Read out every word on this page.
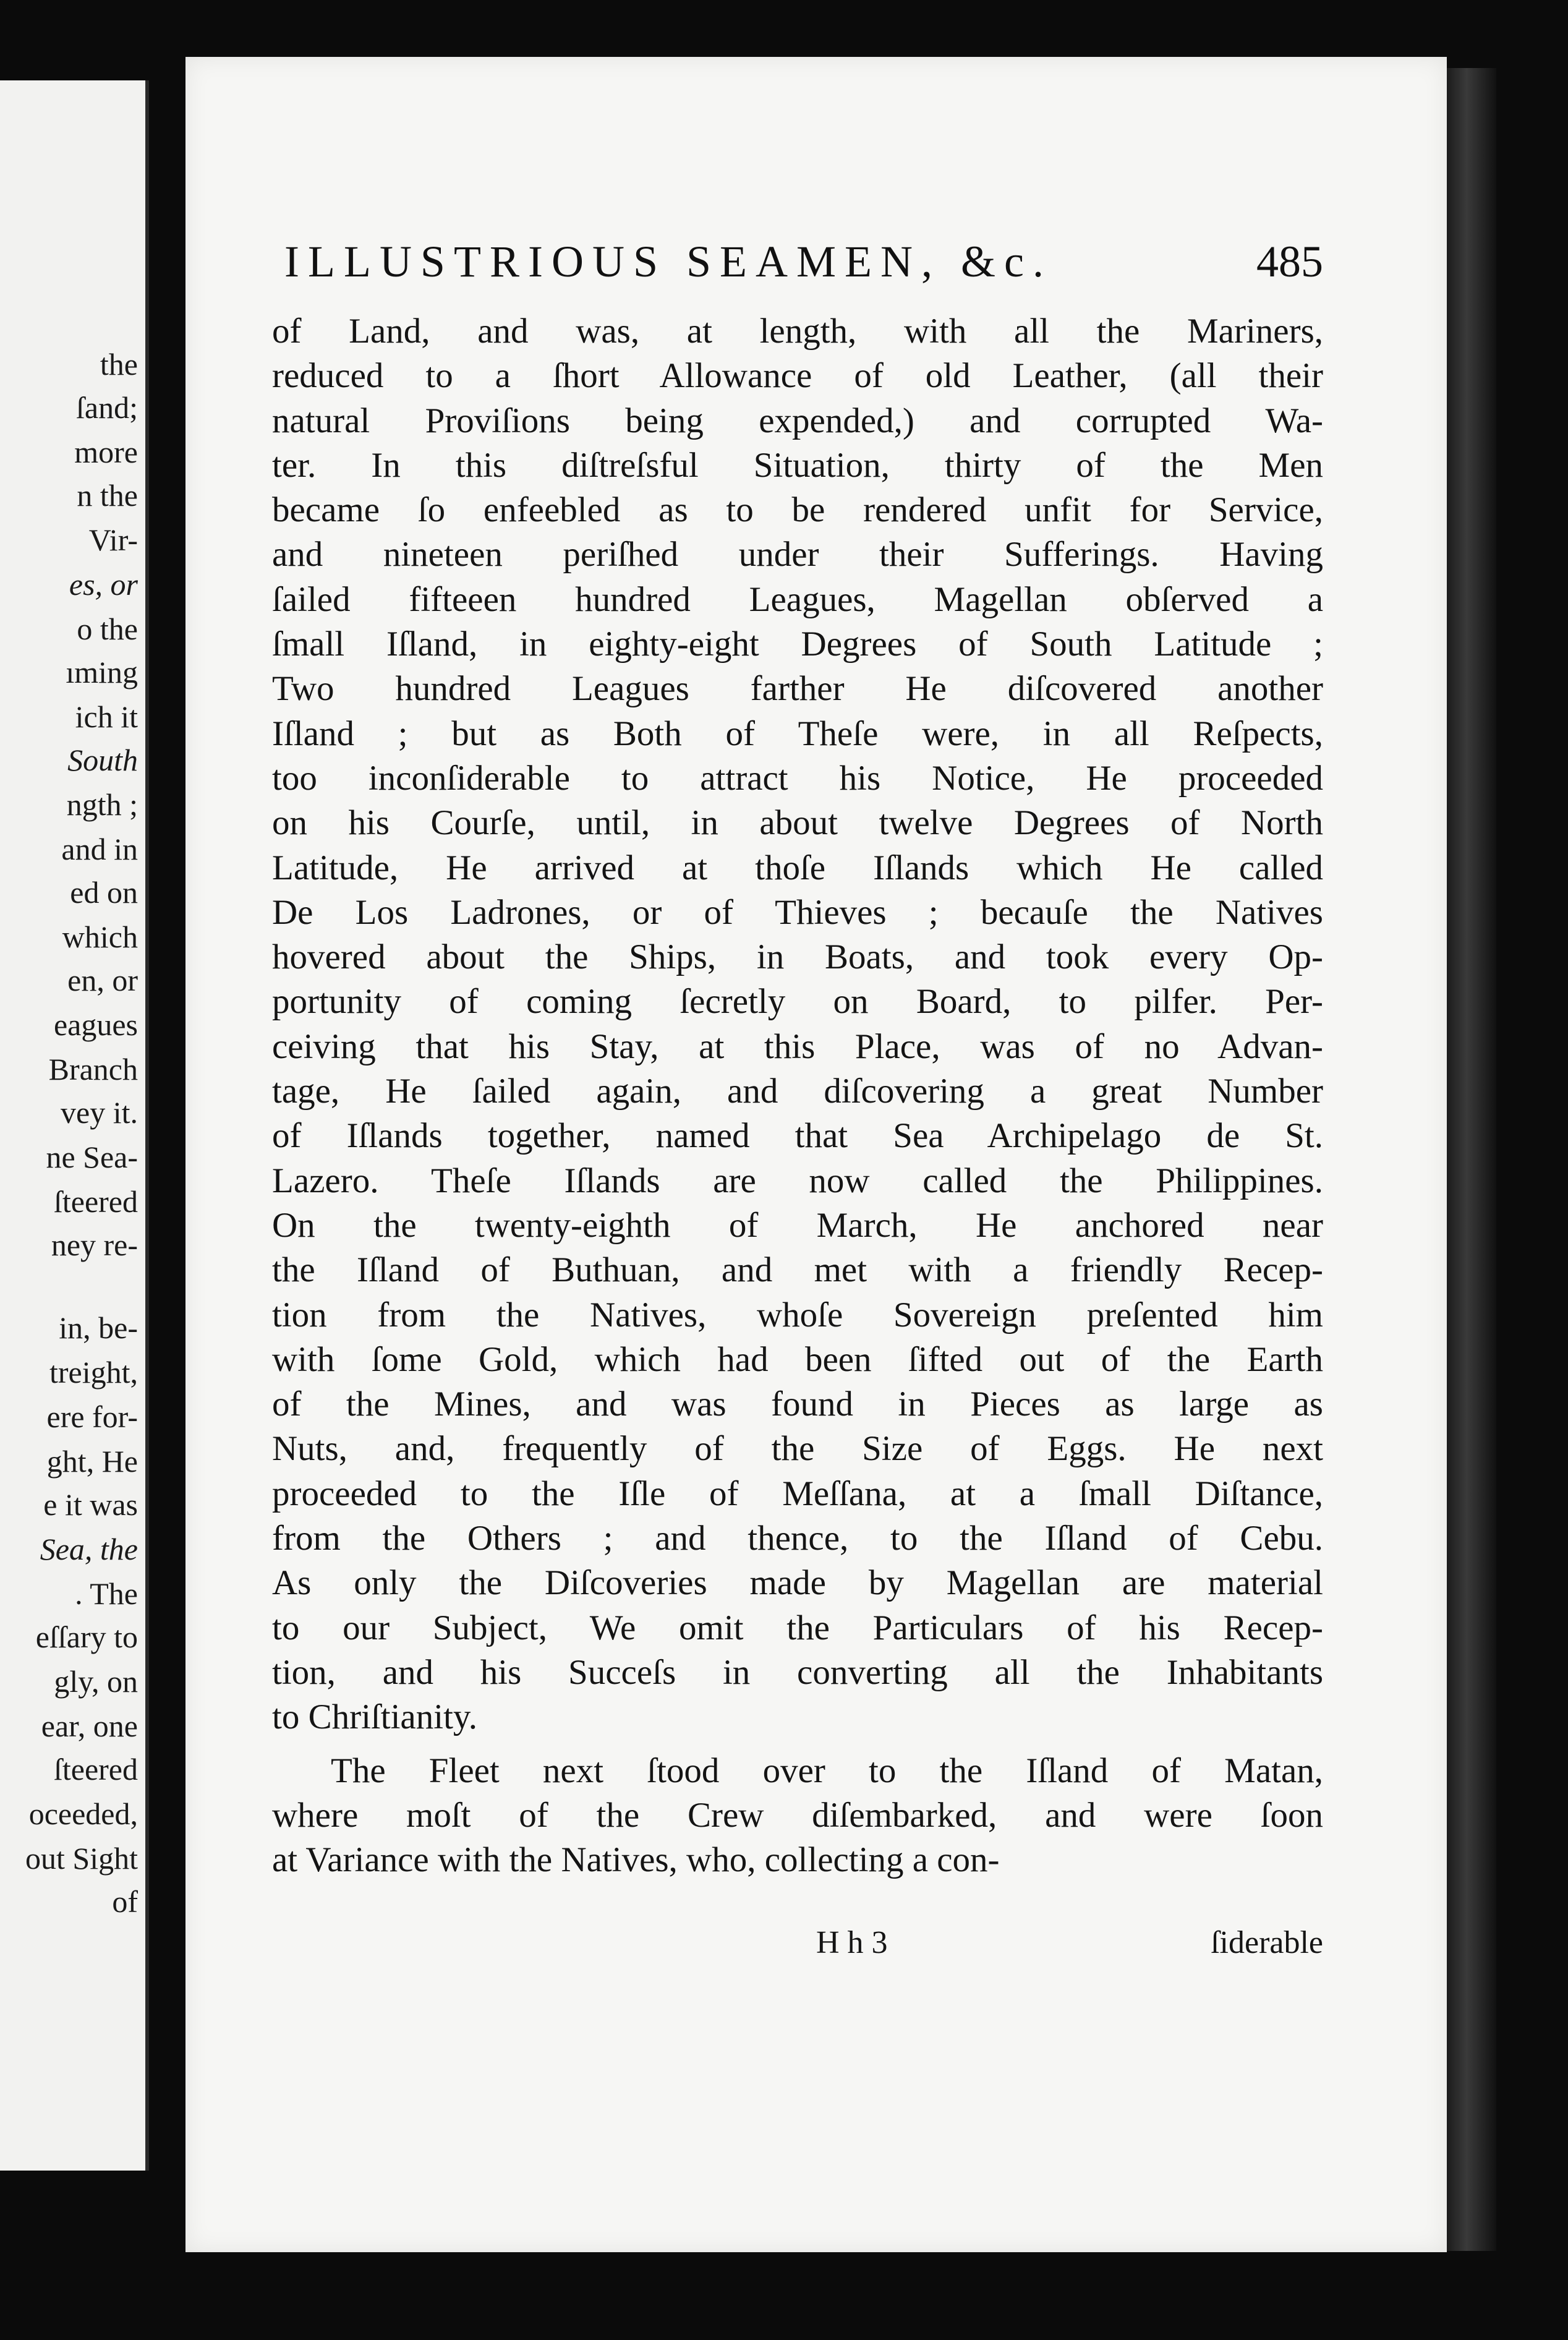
the
ſand;
more
n the
Vir-
es, or
o the
ıming
ich it
South
ngth ;
and in
ed on
which
en, or
eagues
Branch
vey it.
ne Sea-
ſteered
ney re-
in, be-
treight,
ere for-
ght, He
e it was
Sea, the
. The
eſſary to
gly, on
ear, one
ſteered
oceeded,
out Sight
of
ILLUSTRIOUS SEAMEN, &c.	485
of Land, and was, at length, with all the Mariners,
reduced to a ſhort Allowance of old Leather, (all their
natural Proviſions being expended,) and corrupted Wa-
ter. In this diſtreſsful Situation, thirty of the Men
became ſo enfeebled as to be rendered unfit for Service,
and nineteen periſhed under their Sufferings. Having
ſailed fifteeen hundred Leagues, Magellan obſerved a
ſmall Iſland, in eighty-eight Degrees of South Latitude ;
Two hundred Leagues farther He diſcovered another
Iſland ; but as Both of Theſe were, in all Reſpects,
too inconſiderable to attract his Notice, He proceeded
on his Courſe, until, in about twelve Degrees of North
Latitude, He arrived at thoſe Iſlands which He called
De Los Ladrones, or of Thieves ; becauſe the Natives
hovered about the Ships, in Boats, and took every Op-
portunity of coming ſecretly on Board, to pilfer. Per-
ceiving that his Stay, at this Place, was of no Advan-
tage, He ſailed again, and diſcovering a great Number
of Iſlands together, named that Sea Archipelago de St.
Lazero. Theſe Iſlands are now called the Philippines.
On the twenty-eighth of March, He anchored near
the Iſland of Buthuan, and met with a friendly Recep-
tion from the Natives, whoſe Sovereign preſented him
with ſome Gold, which had been ſifted out of the Earth
of the Mines, and was found in Pieces as large as
Nuts, and, frequently of the Size of Eggs. He next
proceeded to the Iſle of Meſſana, at a ſmall Diſtance,
from the Others ; and thence, to the Iſland of Cebu.
As only the Diſcoveries made by Magellan are material
to our Subject, We omit the Particulars of his Recep-
tion, and his Succeſs in converting all the Inhabitants
to Chriſtianity.
The Fleet next ſtood over to the Iſland of Matan,
where moſt of the Crew diſembarked, and were ſoon
at Variance with the Natives, who, collecting a con-
H h 3	ſiderable
